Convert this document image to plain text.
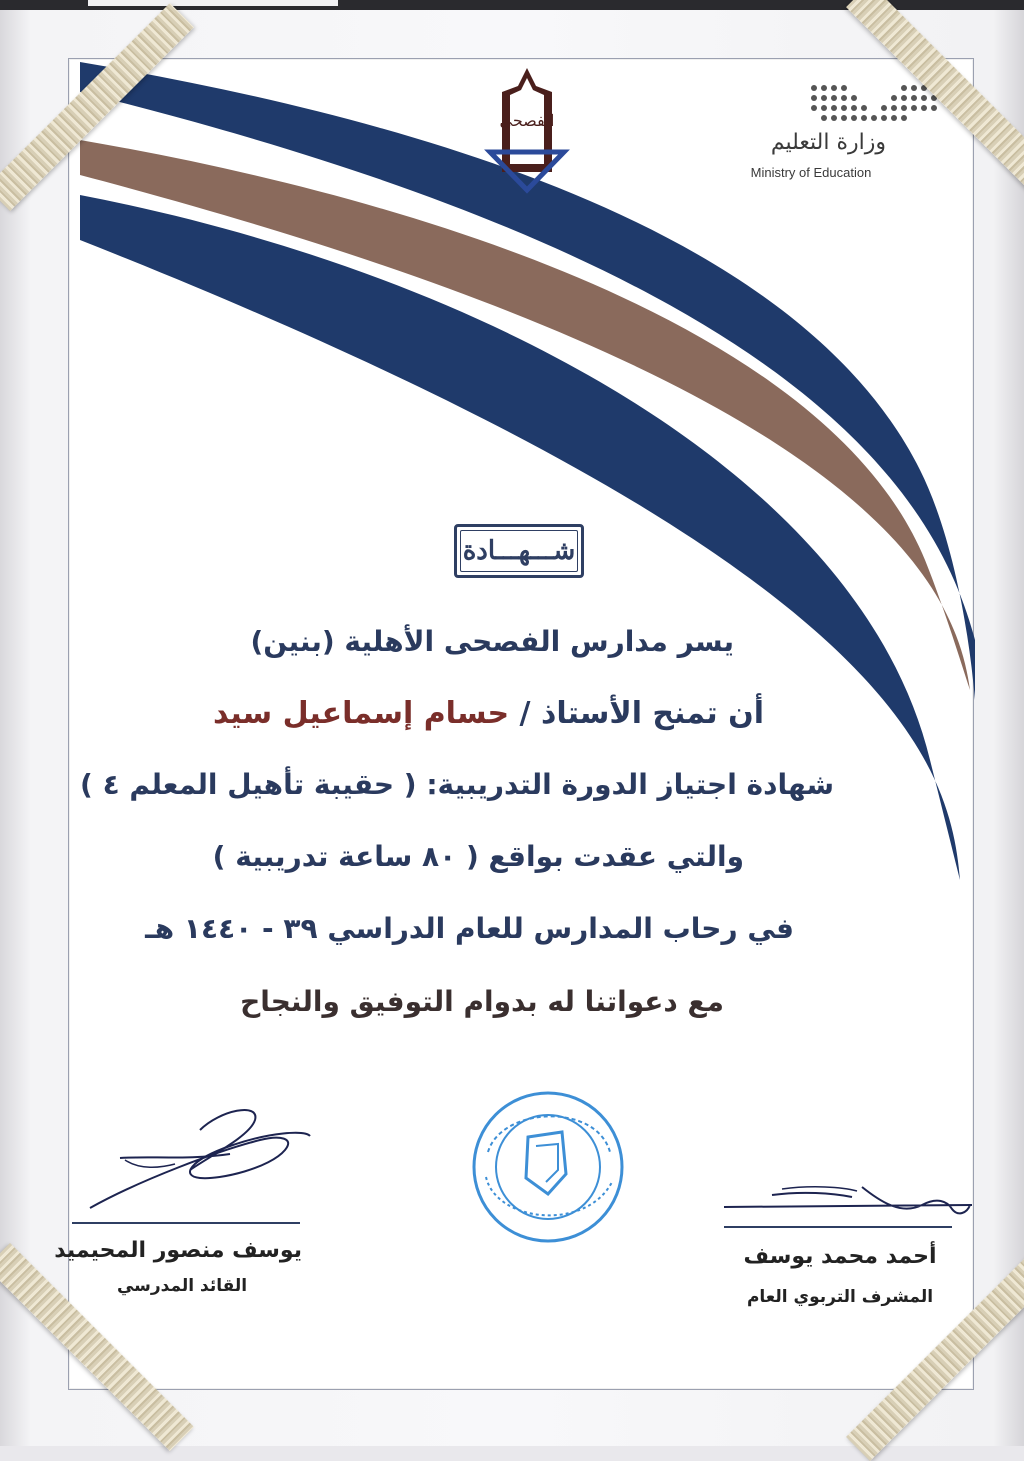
وزارة التعليم
Ministry of Education
ﺍﻟﻔﺼﺤﻰ
شـــهـــادة
يسر مدارس الفصحى الأهلية (بنين)
أن تمنح الأستاذ / حسام إسماعيل سيد
شهادة اجتياز الدورة التدريبية: ( حقيبة تأهيل المعلم ٤ )
والتي عقدت بواقع ( ٨٠ ساعة تدريبية )
في رحاب المدارس للعام الدراسي ٣٩ - ١٤٤٠ هـ
مع دعواتنا له بدوام التوفيق والنجاح
يوسف منصور المحيميد
القائد المدرسي
أحمد محمد يوسف
المشرف التربوي العام
